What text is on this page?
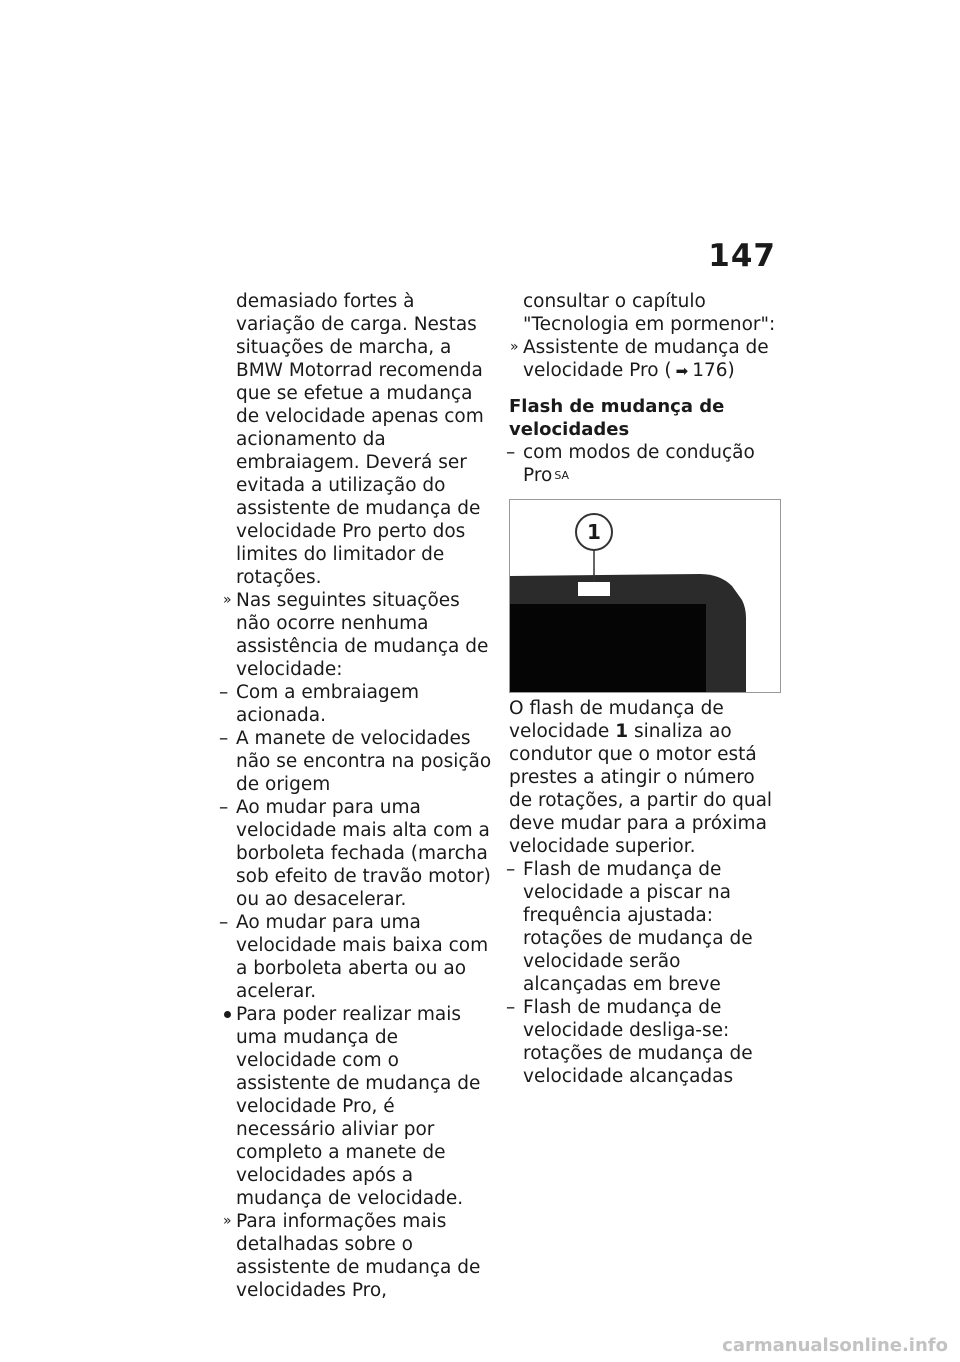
147

demasiado fortes à variação de carga. Nestas situações de marcha, a BMW Motorrad recomenda que se efetue a mudança de velocidade apenas com acionamento da embraiagem. Deverá ser evitada a utilização do assistente de mudança de velocidade Pro perto dos limites do limitador de rotações.

» Nas seguintes situações não ocorre nenhuma assistência de mudança de velocidade:
– Com a embraiagem acionada.
– A manete de velocidades não se encontra na posição de origem
– Ao mudar para uma velocidade mais alta com a borboleta fechada (marcha sob efeito de travão motor) ou ao desacelerar.
– Ao mudar para uma velocidade mais baixa com a borboleta aberta ou ao acelerar.
Para poder realizar mais uma mudança de velocidade com o assistente de mudança de velocidade Pro, é necessário aliviar por completo a manete de velocidades após a mudança de velocidade.
» Para informações mais detalhadas sobre o assistente de mudança de velocidades Pro,

consultar o capítulo "Tecnologia em pormenor":

» Assistente de mudança de velocidade Pro ( ➡ 176)

Flash de mudança de velocidades

– com modos de condução
Pro $^{SA}$
1

O flash de mudança de velocidade 1 sinaliza ao condutor que o motor está prestes a atingir o número de rotações, a partir do qual deve mudar para a próxima velocidade superior.

– Flash de mudança de velocidade a piscar na frequência ajustada: rotações de mudança de velocidade serão alcançadas em breve
– Flash de mudança de velocidade desliga-se: rotações de mudança de velocidade alcançadas
carmanualsonline.info
